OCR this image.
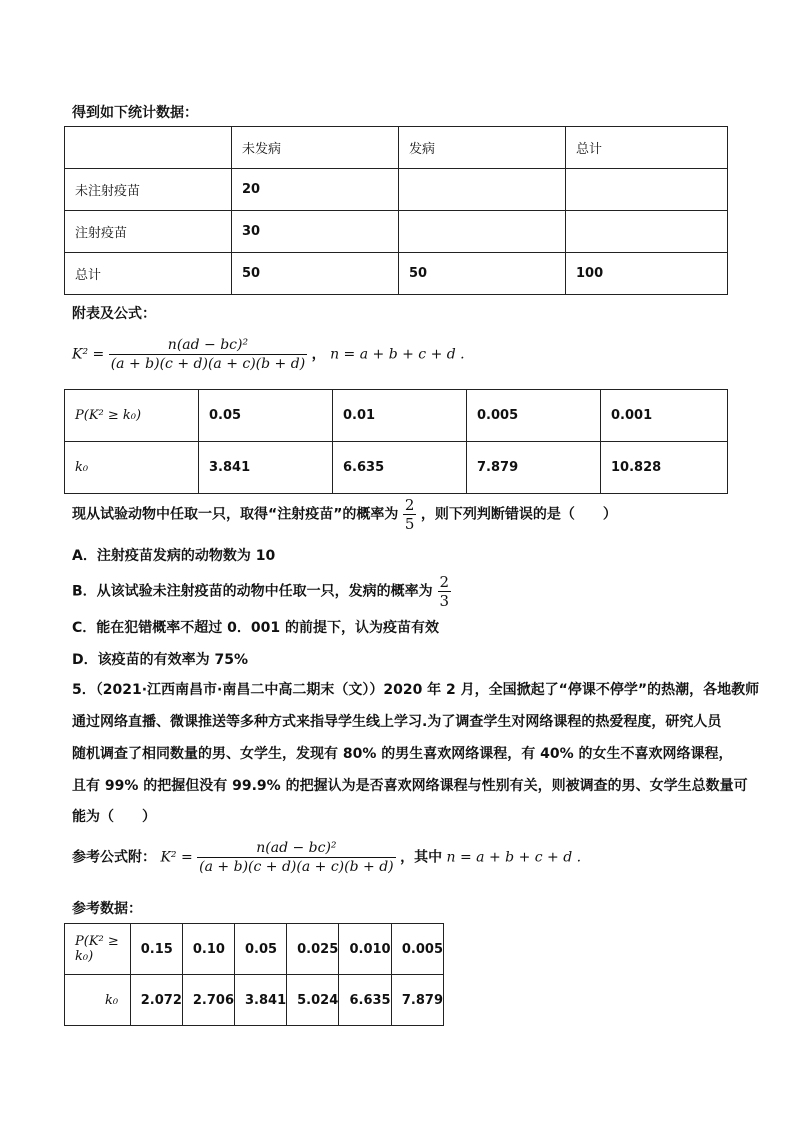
得到如下统计数据：
	未发病	发病	总计
未注射疫苗	20		
注射疫苗	30		
总计	50	50	100
附表及公式：
$K^2 = \frac{\text{n(ad − bc)²}}{(a + b)(c + d)(a + c)(b + d)}$ ， n = a + b + c + d .
P(K² ≥ k₀)	0.05	0.01	0.005	0.001
k₀	3.841	6.635	7.879	10.828
现从试验动物中任取一只，取得“注射疫苗”的概率为 $\frac{2}{5}$ ，则下列判断错误的是（　　）
A．注射疫苗发病的动物数为 10
B．从该试验未注射疫苗的动物中任取一只，发病的概率为 $\frac{2}{3}$
C．能在犯错概率不超过 0．001 的前提下，认为疫苗有效
D．该疫苗的有效率为 75%
5．（2021·江西南昌市·南昌二中高二期末（文））2020 年 2 月，全国掀起了“停课不停学”的热潮，各地教师
通过网络直播、微课推送等多种方式来指导学生线上学习.为了调查学生对网络课程的热爱程度，研究人员
随机调查了相同数量的男、女学生，发现有 80% 的男生喜欢网络课程，有 40% 的女生不喜欢网络课程，
且有 99% 的把握但没有 99.9% 的把握认为是否喜欢网络课程与性别有关，则被调查的男、女学生总数量可
能为（　　）
参考公式附： $K^2 = \frac{\text{n(ad − bc)²}}{(a + b)(c + d)(a + c)(b + d)}$ ，其中 n = a + b + c + d .
参考数据：
P(K² ≥ k₀)	0.15	0.10	0.05	0.025	0.010	0.005
k₀	2.072	2.706	3.841	5.024	6.635	7.879
